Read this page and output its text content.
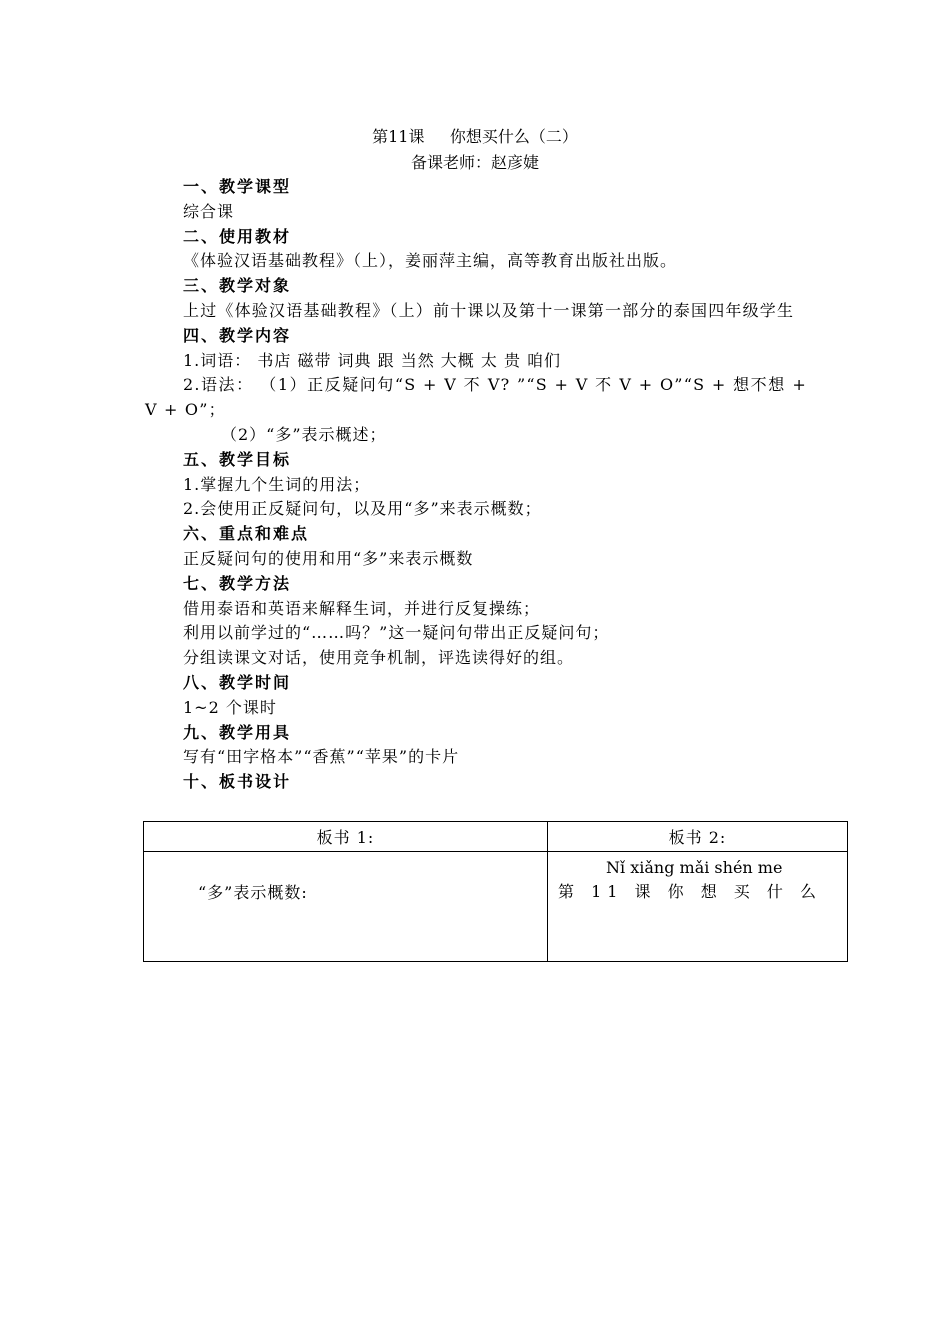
第11课     你想买什么（二）
备课老师：赵彦婕
一、教学课型
综合课
二、使用教材
《体验汉语基础教程》（上），姜丽萍主编，高等教育出版社出版。
三、教学对象
上过《体验汉语基础教程》（上）前十课以及第十一课第一部分的泰国四年级学生
四、教学内容
1.词语： 书店 磁带 词典 跟 当然 大概 太 贵 咱们
2.语法： （1）正反疑问句“S + V 不 V? ”“S + V 不 V + O”“S + 想不想 + V + O”；
（2）“多”表示概述；
五、教学目标
1.掌握九个生词的用法；
2.会使用正反疑问句，以及用“多”来表示概数；
六、重点和难点
正反疑问句的使用和用“多”来表示概数
七、教学方法
借用泰语和英语来解释生词，并进行反复操练；
利用以前学过的“……吗？”这一疑问句带出正反疑问句；
分组读课文对话，使用竞争机制，评选读得好的组。
八、教学时间
1~2 个课时
九、教学用具
写有“田字格本”“香蕉”“苹果”的卡片
十、板书设计
板书 1:	板书 2:
“多”表示概数:	Nǐ xiǎng mǎi shén me
第 11 课 你 想 买 什 么
